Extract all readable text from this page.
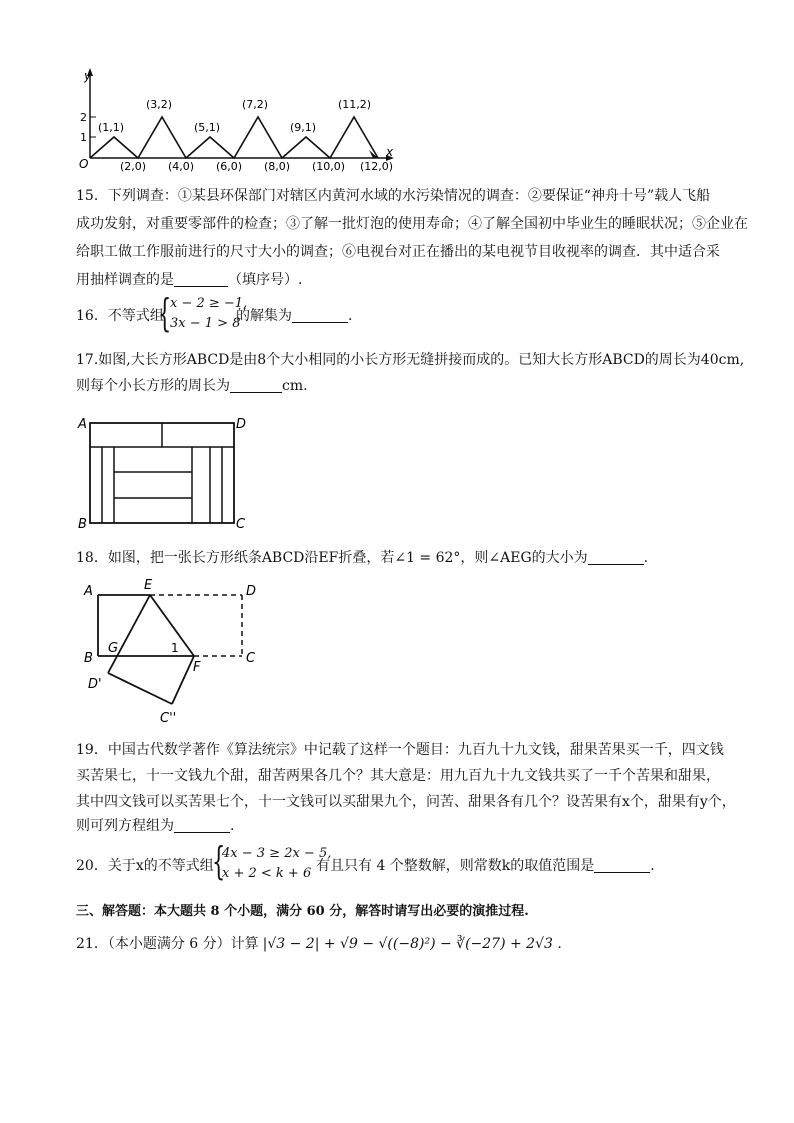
y
x
O
2
1
(1,1)
(3,2)
(5,1)
(7,2)
(9,1)
(11,2)
(2,0) (4,0) (6,0) (8,0) (10,0) (12,0)
15．下列调查：①某县环保部门对辖区内黄河水域的水污染情况的调查：②要保证“神舟十号”载人飞船
成功发射，对重要零部件的检查；③了解一批灯泡的使用寿命；④了解全国初中毕业生的睡眠状况；⑤企业在
给职工做工作服前进行的尺寸大小的调查；⑥电视台对正在播出的某电视节目收视率的调查．其中适合采
用抽样调查的是	（填序号）.
16．不等式组
{
x − 2 ≥ −1,
3x − 1 > 8
的解集为	.
17.如图,大长方形ABCD是由8个大小相同的小长方形无缝拼接而成的。已知大长方形ABCD的周长为40cm,
则每个小长方形的周长为	cm.
A	D
B	C
18．如图，把一张长方形纸条ABCD沿EF折叠，若∠1 = 62°，则∠AEG的大小为	.
A	E	D
G	1
B
F
C
D'
C''
19．中国古代数学著作《算法统宗》中记载了这样一个题目：九百九十九文钱，甜果苦果买一千，四文钱
买苦果七，十一文钱九个甜，甜苦两果各几个？其大意是：用九百九十九文钱共买了一千个苦果和甜果，
其中四文钱可以买苦果七个，十一文钱可以买甜果九个，问苦、甜果各有几个？设苦果有x个，甜果有y个，
则可列方程组为	.
20．关于x的不等式组
{
4x − 3 ≥ 2x − 5,
x + 2 < k + 6 有且只有 4 个整数解，则常数k的取值范围是	.
三、解答题：本大题共 8 个小题，满分 60 分，解答时请写出必要的演推过程.
21．（本小题满分 6 分）计算 |√3 − 2| + √9 − √((−8)²) − ∛(−27) + 2√3 .
